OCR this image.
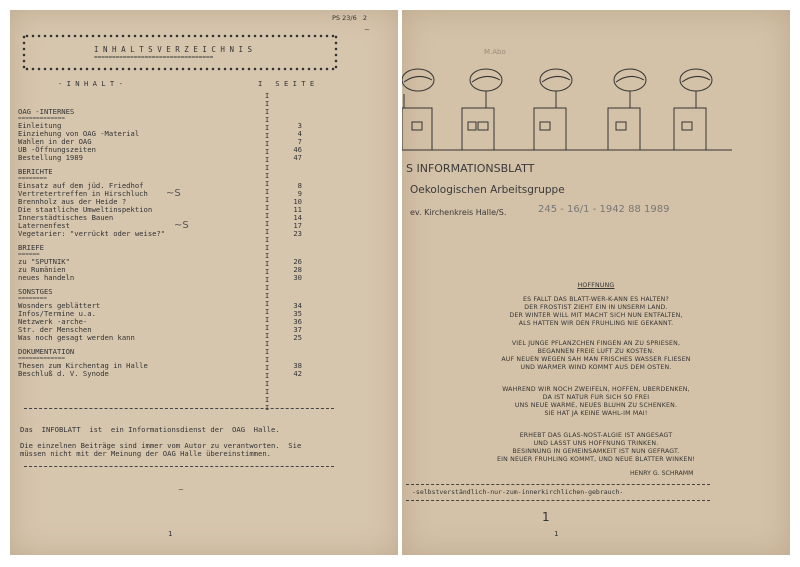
PS 23/6   2
~
I N H A L T S V E R Z E I C H N I S
=================================
- I N H A L T -	I   S E I T E
I
I
I
I
I
I
I
I
I
I
I
I
I
I
I
I
I
I
I
I
I
I
I
I
I
I
I
I
I
I
I
I
I
I
I
I
I
I
I
I

OAG -INTERNES
=============
Einleitung	3
Einziehung von OAG -Material	4
Wahlen in der OAG	7
UB -Öffnungszeiten	46
Bestellung 1989	47
BERICHTE
========
Einsatz auf dem jüd. Friedhof	8
Vertretertreffen in Hirschluch	9
Brennholz aus der Heide ?	10
Die staatliche Umweltinspektion	11
Innerstädtisches Bauen	14
Laternenfest	17
Vegetarier: "verrückt oder weise?"	23
BRIEFE
======
zu "SPUTNIK"	26
zu Rumänien	28
neues handeln	30
SONSTGES
========
Wosnders geblättert	34
Infos/Termine u.a.	35
Netzwerk -arche-	36
Str. der Menschen	37
Was noch gesagt werden kann	25
DOKUMENTATION
=============
Thesen zum Kirchentag in Halle	38
Beschluß d. V. Synode	42
~S
~S
Das  INFOBLATT  ist  ein Informationsdienst der  OAG  Halle.
Die einzelnen Beiträge sind immer vom Autor zu verantworten.  Sie
müssen nicht mit der Meinung der OAG Halle übereinstimmen.
~
1
M.Abo
S INFORMATIONSBLATT
Oekologischen Arbeitsgruppe
ev. Kirchenkreis Halle/S.	245 - 16/1 - 1942 88 1989
HOFFNUNG
ES FALLT DAS BLATT-WER-K-ANN ES HALTEN?
DER FROSTIST ZIEHT EIN IN UNSERM LAND.
DER WINTER WILL MIT MACHT SICH NUN ENTFALTEN,
ALS HATTEN WIR DEN FRUHLING NIE GEKANNT.
VIEL JUNGE PFLANZCHEN FINGEN AN ZU SPRIESEN,
BEGANNEN FREIE LUFT ZU KOSTEN.
AUF NEUEN WEGEN SAH MAN FRISCHES WASSER FLIESEN
UND WARMER WIND KOMMT AUS DEM OSTEN.
WAHREND WIR NOCH ZWEIFELN, HOFFEN, UBERDENKEN,
DA IST NATUR FUR SICH SO FREI
UNS NEUE WARME, NEUES BLUHN ZU SCHENKEN.
SIE HAT JA KEINE WAHL-IM MAI!
ERHEBT DAS GLAS-NOST-ALGIE IST ANGESAGT
UND LASST UNS HOFFNUNG TRINKEN.
BESINNUNG IN GEMEINSAMKEIT IST NUN GEFRAGT.
EIN NEUER FRUHLING KOMMT, UND NEUE BLATTER WINKEN!
HENRY G. SCHRAMM
-selbstverständlich-nur-zum-innerkirchlichen-gebrauch-
1
1
